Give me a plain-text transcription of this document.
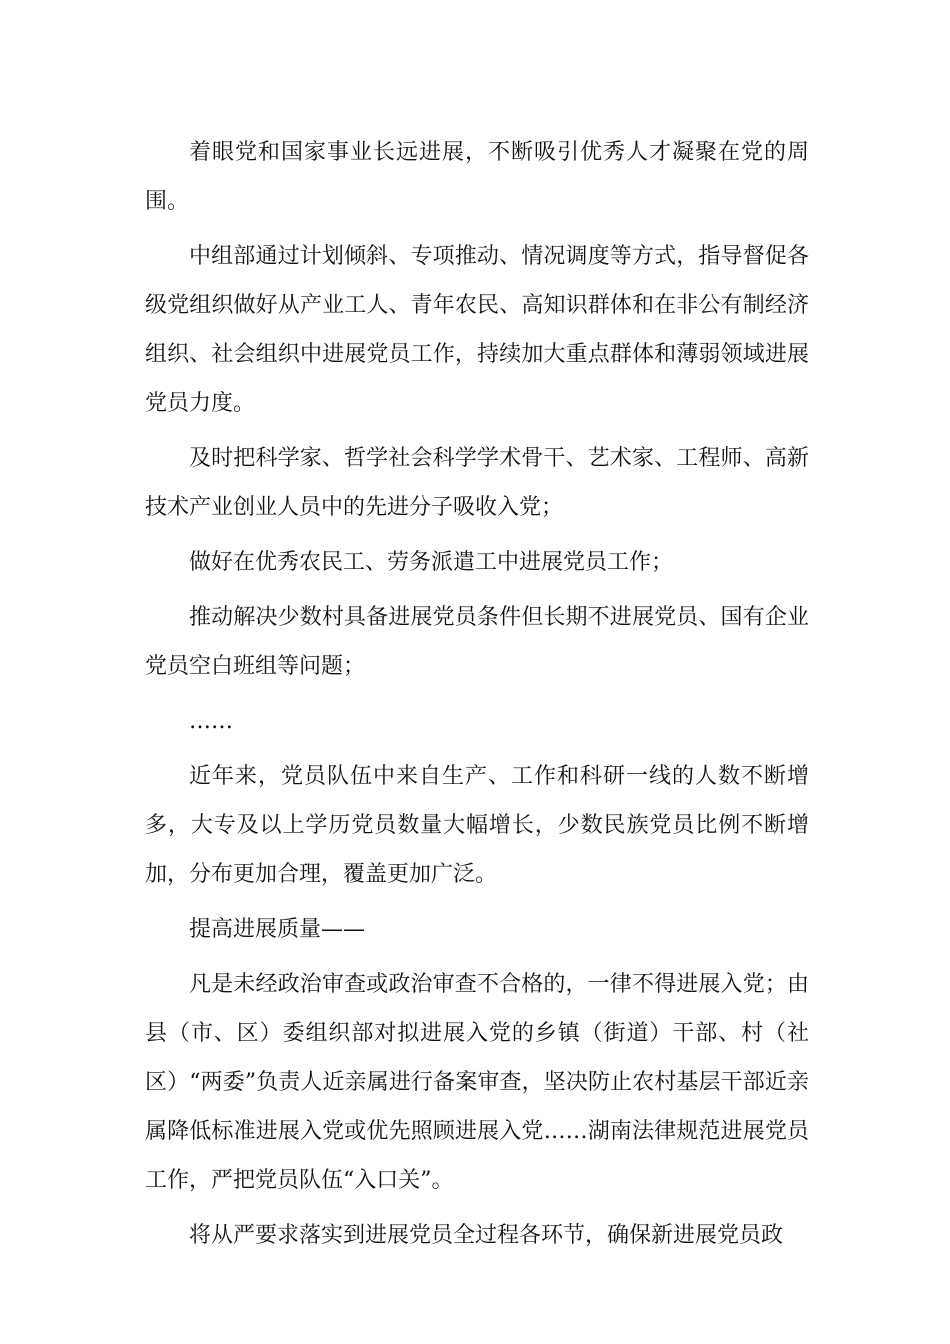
着眼党和国家事业长远进展，不断吸引优秀人才凝聚在党的周围。

中组部通过计划倾斜、专项推动、情况调度等方式，指导督促各级党组织做好从产业工人、青年农民、高知识群体和在非公有制经济组织、社会组织中进展党员工作，持续加大重点群体和薄弱领域进展党员力度。

及时把科学家、哲学社会科学学术骨干、艺术家、工程师、高新技术产业创业人员中的先进分子吸收入党；

做好在优秀农民工、劳务派遣工中进展党员工作；

推动解决少数村具备进展党员条件但长期不进展党员、国有企业党员空白班组等问题；

……

近年来，党员队伍中来自生产、工作和科研一线的人数不断增多，大专及以上学历党员数量大幅增长，少数民族党员比例不断增加，分布更加合理，覆盖更加广泛。

提高进展质量——

凡是未经政治审查或政治审查不合格的，一律不得进展入党；由县（市、区）委组织部对拟进展入党的乡镇（街道）干部、村（社区）“两委”负责人近亲属进行备案审查，坚决防止农村基层干部近亲属降低标准进展入党或优先照顾进展入党……湖南法律规范进展党员工作，严把党员队伍“入口关”。

将从严要求落实到进展党员全过程各环节，确保新进展党员政
